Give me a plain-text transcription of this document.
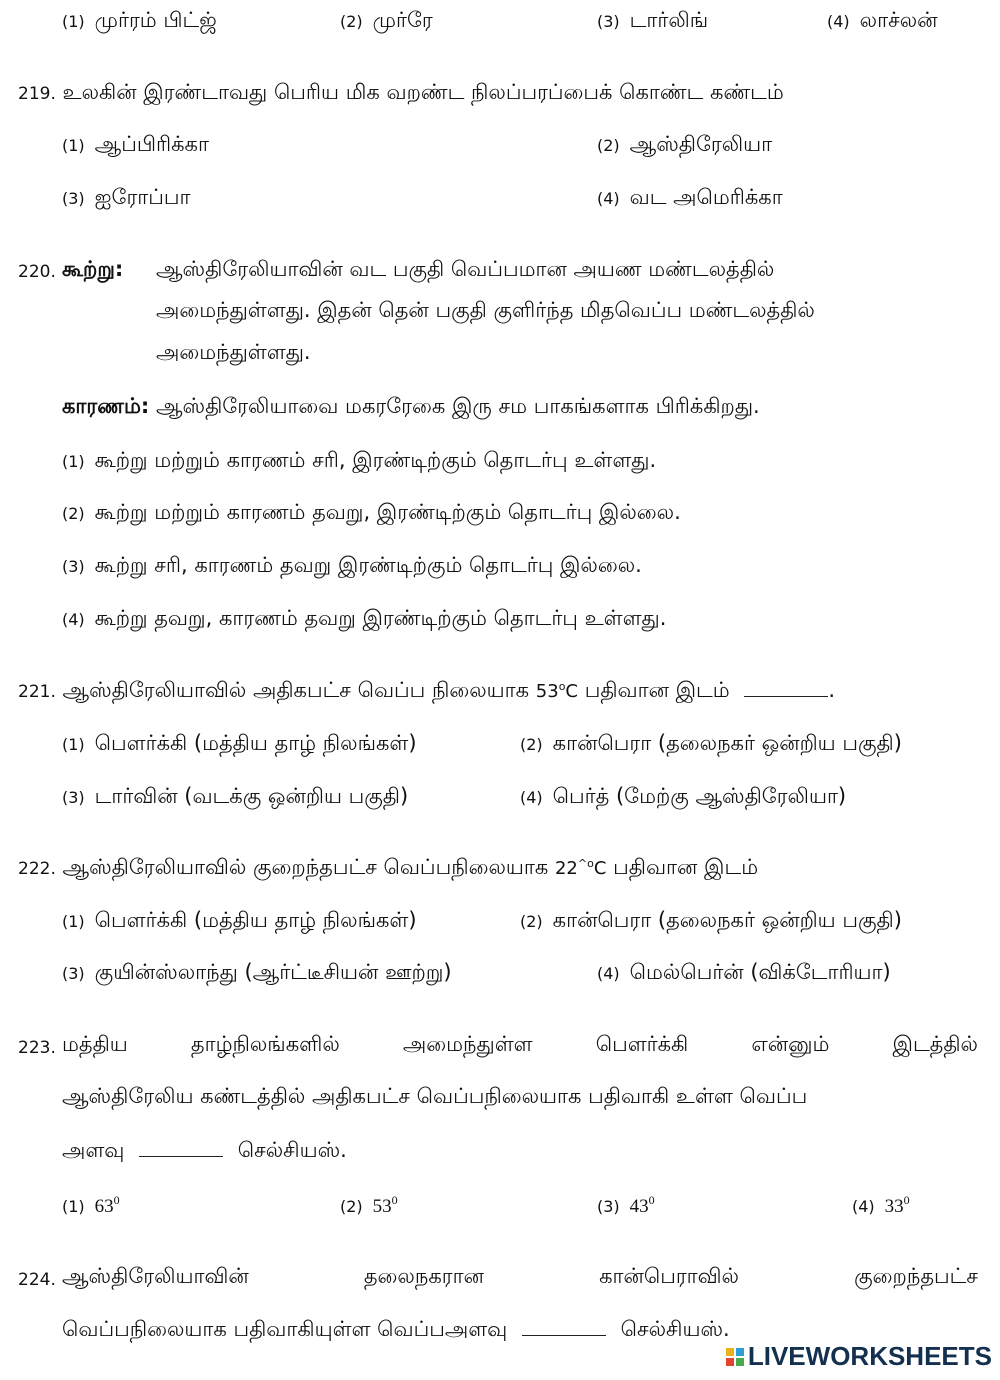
(1) முர்ரம் பிட்ஜ்	(2) முர்ரே	(3) டார்லிங்	(4) லாச்லன்
219. உலகின் இரண்டாவது பெரிய மிக வறண்ட நிலப்பரப்பைக் கொண்ட கண்டம்
(1) ஆப்பிரிக்கா	(2) ஆஸ்திரேலியா
(3) ஐரோப்பா	(4) வட அமெரிக்கா
220. கூற்று: ஆஸ்திரேலியாவின் வட பகுதி வெப்பமான அயண மண்டலத்தில்
அமைந்துள்ளது. இதன் தென் பகுதி குளிர்ந்த மிதவெப்ப மண்டலத்தில்
அமைந்துள்ளது.
காரணம்: ஆஸ்திரேலியாவை மகரரேகை இரு சம பாகங்களாக பிரிக்கிறது.
(1) கூற்று மற்றும் காரணம் சரி, இரண்டிற்கும் தொடர்பு உள்ளது.
(2) கூற்று மற்றும் காரணம் தவறு, இரண்டிற்கும் தொடர்பு இல்லை.
(3) கூற்று சரி, காரணம் தவறு இரண்டிற்கும் தொடர்பு இல்லை.
(4) கூற்று தவறு, காரணம் தவறு இரண்டிற்கும் தொடர்பு உள்ளது.
221. ஆஸ்திரேலியாவில் அதிகபட்ச வெப்ப நிலையாக 53$^o$C பதிவான இடம்	.
(1) பௌர்க்கி (மத்திய தாழ் நிலங்கள்)	(2) கான்பெரா (தலைநகர் ஒன்றிய பகுதி)
(3) டார்வின் (வடக்கு ஒன்றிய பகுதி)	(4) பெர்த் (மேற்கு ஆஸ்திரேலியா)
222. ஆஸ்திரேலியாவில் குறைந்தபட்ச வெப்பநிலையாக $22^{\^{}o}C$ பதிவான இடம்
(1) பௌர்க்கி (மத்திய தாழ் நிலங்கள்)	(2) கான்பெரா (தலைநகர் ஒன்றிய பகுதி)
(3) குயின்ஸ்லாந்து (ஆர்ட்டீசியன் ஊற்று)	(4) மெல்பெர்ன் (விக்டோரியா)
223. மத்திய	தாழ்நிலங்களில்	அமைந்துள்ள	பௌர்க்கி	என்னும்	இடத்தில்
ஆஸ்திரேலிய கண்டத்தில் அதிகபட்ச வெப்பநிலையாக பதிவாகி உள்ள வெப்ப
அளவு	செல்சியஸ்.
(1) $63^0$	(2) $53^0$	(3) $43^0$	(4) $33^0$
224. ஆஸ்திரேலியாவின்	தலைநகரான	கான்பெராவில்	குறைந்தபட்ச
வெப்பநிலையாக பதிவாகியுள்ள வெப்பஅளவு	செல்சியஸ்.
LIVEWORKSHEETS
